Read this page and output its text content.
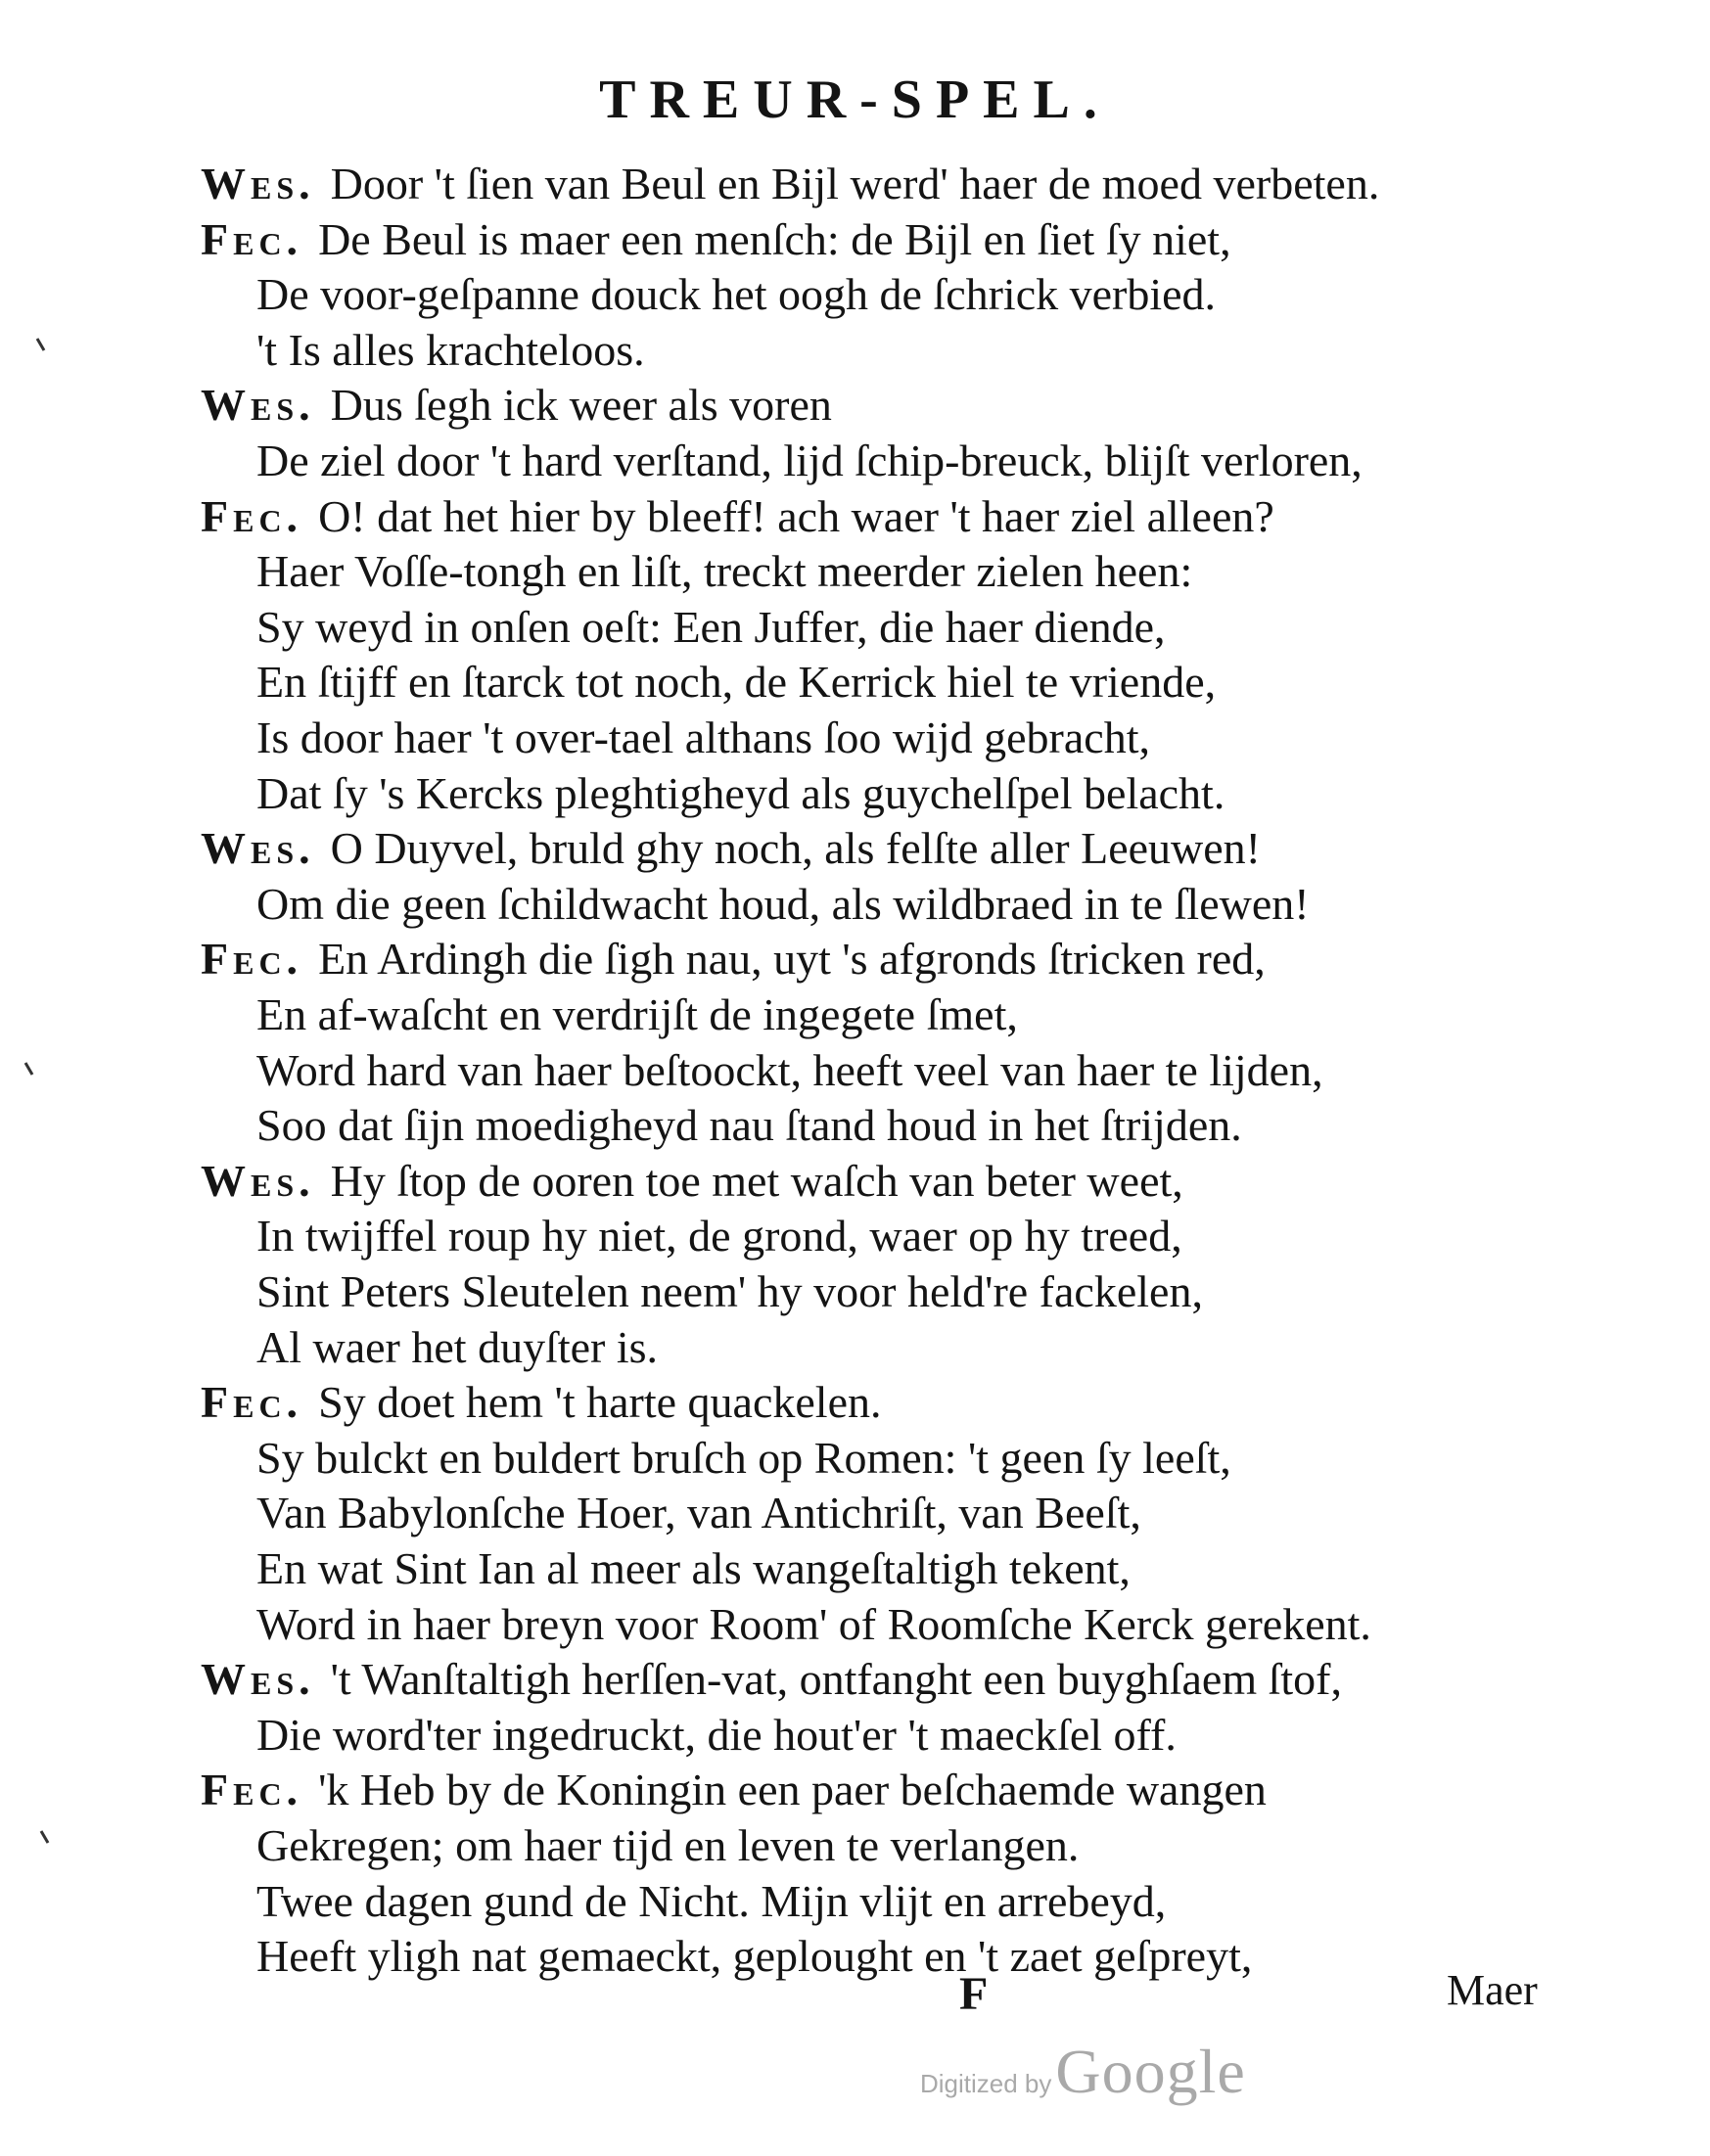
TREUR-SPEL.
Wes. Door 't ſien van Beul en Bijl werd' haer de moed verbeten.
Fec. De Beul is maer een menſch: de Bijl en ſiet ſy niet,
De voor-geſpanne douck het oogh de ſchrick verbied.
't Is alles krachteloos.
Wes. Dus ſegh ick weer als voren
De ziel door 't hard verſtand, lijd ſchip-breuck, blijſt verloren,
Fec. O! dat het hier by bleeff! ach waer 't haer ziel alleen?
Haer Voſſe-tongh en liſt, treckt meerder zielen heen:
Sy weyd in onſen oeſt: Een Juffer, die haer diende,
En ſtijff en ſtarck tot noch, de Kerrick hiel te vriende,
Is door haer 't over-tael althans ſoo wijd gebracht,
Dat ſy 's Kercks pleghtigheyd als guychelſpel belacht.
Wes. O Duyvel, bruld ghy noch, als felſte aller Leeuwen!
Om die geen ſchildwacht houd, als wildbraed in te ſlewen!
Fec. En Ardingh die ſigh nau, uyt 's afgronds ſtricken red,
En af-waſcht en verdrijſt de ingegete ſmet,
Word hard van haer beſtoockt, heeft veel van haer te lijden,
Soo dat ſijn moedigheyd nau ſtand houd in het ſtrijden.
Wes. Hy ſtop de ooren toe met waſch van beter weet,
In twijffel roup hy niet, de grond, waer op hy treed,
Sint Peters Sleutelen neem' hy voor held're fackelen,
Al waer het duyſter is.
Fec. Sy doet hem 't harte quackelen.
Sy bulckt en buldert bruſch op Romen: 't geen ſy leeſt,
Van Babylonſche Hoer, van Antichriſt, van Beeſt,
En wat Sint Ian al meer als wangeſtaltigh tekent,
Word in haer breyn voor Room' of Roomſche Kerck gerekent.
Wes. 't Wanſtaltigh herſſen-vat, ontfanght een buyghſaem ſtof,
Die word'ter ingedruckt, die hout'er 't maeckſel off.
Fec. 'k Heb by de Koningin een paer beſchaemde wangen
Gekregen; om haer tijd en leven te verlangen.
Twee dagen gund de Nicht. Mijn vlijt en arrebeyd,
Heeft yligh nat gemaeckt, geplought en 't zaet geſpreyt,
F	Maer
Digitized by Google
